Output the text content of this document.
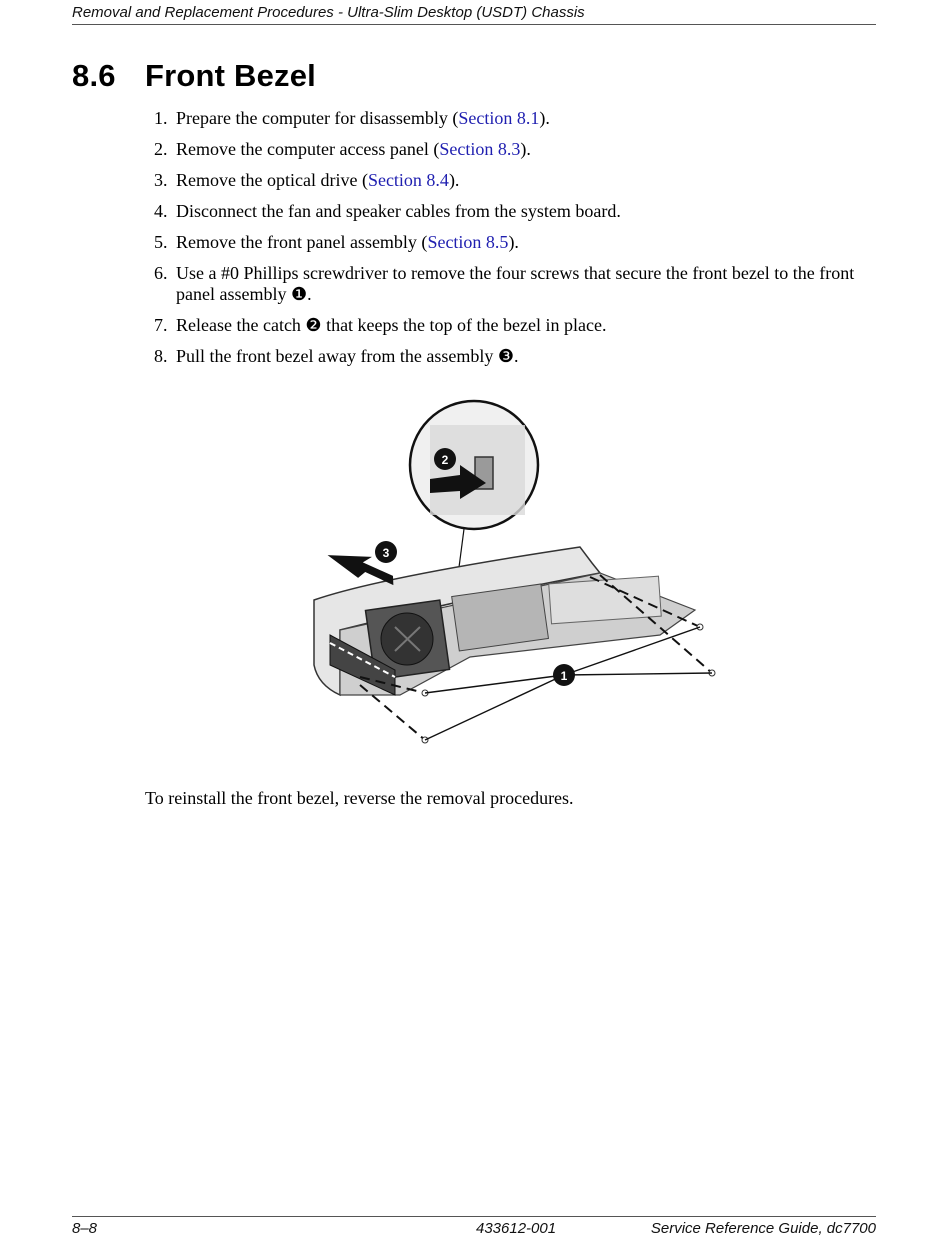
Removal and Replacement Procedures - Ultra-Slim Desktop (USDT) Chassis
8.6 Front Bezel
1. Prepare the computer for disassembly (Section 8.1).
2. Remove the computer access panel (Section 8.3).
3. Remove the optical drive (Section 8.4).
4. Disconnect the fan and speaker cables from the system board.
5. Remove the front panel assembly (Section 8.5).
6. Use a #0 Phillips screwdriver to remove the four screws that secure the front bezel to the front panel assembly ❶.
7. Release the catch ❷ that keeps the top of the bezel in place.
8. Pull the front bezel away from the assembly ❸.
1
2
3

To reinstall the front bezel, reverse the removal procedures.

8–8	433612-001	Service Reference Guide, dc7700
